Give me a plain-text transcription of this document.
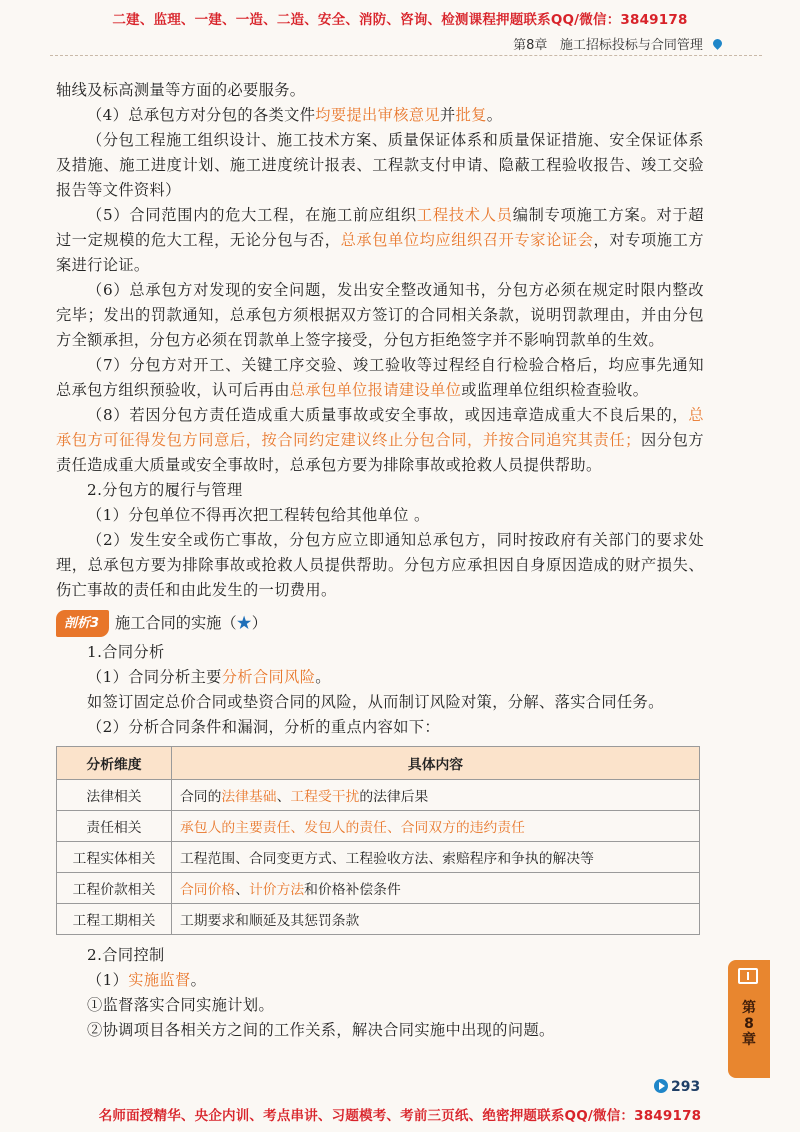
二建、监理、一建、一造、二造、安全、消防、咨询、检测课程押题联系QQ/微信：3849178
第8章 施工招标投标与合同管理

轴线及标高测量等方面的必要服务。

（4）总承包方对分包的各类文件均要提出审核意见并批复。

（分包工程施工组织设计、施工技术方案、质量保证体系和质量保证措施、安全保证体系及措施、施工进度计划、施工进度统计报表、工程款支付申请、隐蔽工程验收报告、竣工交验报告等文件资料）

（5）合同范围内的危大工程，在施工前应组织工程技术人员编制专项施工方案。对于超过一定规模的危大工程，无论分包与否，总承包单位均应组织召开专家论证会，对专项施工方案进行论证。

（6）总承包方对发现的安全问题，发出安全整改通知书，分包方必须在规定时限内整改完毕；发出的罚款通知，总承包方须根据双方签订的合同相关条款，说明罚款理由，并由分包方全额承担，分包方必须在罚款单上签字接受，分包方拒绝签字并不影响罚款单的生效。

（7）分包方对开工、关键工序交验、竣工验收等过程经自行检验合格后，均应事先通知总承包方组织预验收，认可后再由总承包单位报请建设单位或监理单位组织检查验收。

（8）若因分包方责任造成重大质量事故或安全事故，或因违章造成重大不良后果的，总承包方可征得发包方同意后，按合同约定建议终止分包合同，并按合同追究其责任；因分包方责任造成重大质量或安全事故时，总承包方要为排除事故或抢救人员提供帮助。

2.分包方的履行与管理

（1）分包单位不得再次把工程转包给其他单位 。

（2）发生安全或伤亡事故，分包方应立即通知总承包方，同时按政府有关部门的要求处理，总承包方要为排除事故或抢救人员提供帮助。分包方应承担因自身原因造成的财产损失、伤亡事故的责任和由此发生的一切费用。

剖析3 施工合同的实施（★）

1.合同分析

（1）合同分析主要分析合同风险。

如签订固定总价合同或垫资合同的风险，从而制订风险对策，分解、落实合同任务。

（2）分析合同条件和漏洞，分析的重点内容如下：

分析维度	具体内容
法律相关	合同的法律基础、工程受干扰的法律后果
责任相关	承包人的主要责任、发包人的责任、合同双方的违约责任
工程实体相关	工程范围、合同变更方式、工程验收方法、索赔程序和争执的解决等
工程价款相关	合同价格、计价方法和价格补偿条件
工程工期相关	工期要求和顺延及其惩罚条款

2.合同控制

（1）实施监督。

①监督落实合同实施计划。

②协调项目各相关方之间的工作关系，解决合同实施中出现的问题。

第
8
章
293
名师面授精华、央企内训、考点串讲、习题模考、考前三页纸、绝密押题联系QQ/微信：3849178
